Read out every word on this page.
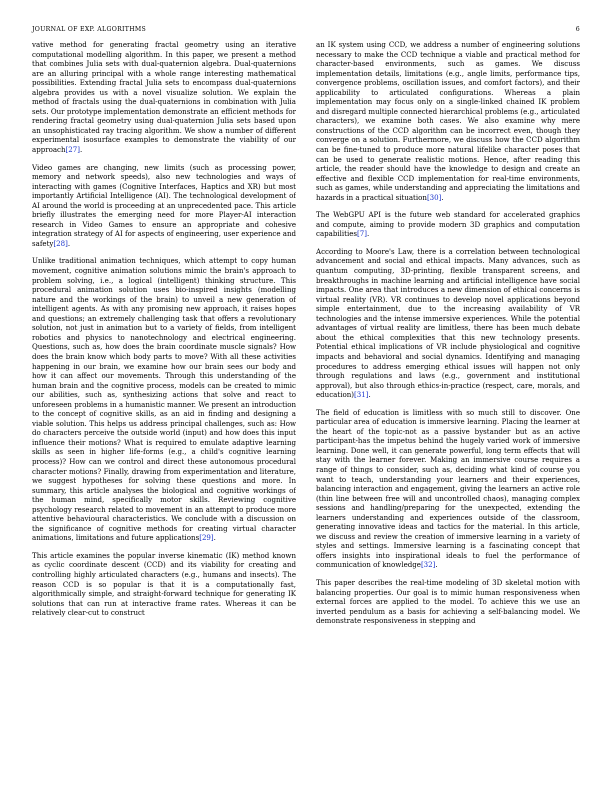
JOURNAL OF EXP. ALGORITHMS	6

vative method for generating fractal geometry using an iterative computational modelling algorithm. In this paper, we present a method that combines Julia sets with dual-quaternion algebra. Dual-quaternions are an alluring principal with a whole range interesting mathematical possibilities. Extending fractal Julia sets to encompass dual-quaternions algebra provides us with a novel visualize solution. We explain the method of fractals using the dual-quaternions in combination with Julia sets. Our prototype implementation demonstrate an efficient methods for rendering fractal geometry using dual-quaternion Julia sets based upon an unsophisticated ray tracing algorithm. We show a number of different experimental isosurface examples to demonstrate the viability of our approach[27].

Video games are changing, new limits (such as processing power, memory and network speeds), also new technologies and ways of interacting with games (Cognitive Interfaces, Haptics and XR) but most importantly Artificial Intelligence (AI). The technological development of AI around the world is proceeding at an unprecedented pace. This article briefly illustrates the emerging need for more Player-AI interaction research in Video Games to ensure an appropriate and cohesive integration strategy of AI for aspects of engineering, user experience and safety[28].

Unlike traditional animation techniques, which attempt to copy human movement, cognitive animation solutions mimic the brain's approach to problem solving, i.e., a logical (intelligent) thinking structure. This procedural animation solution uses bio-inspired insights (modelling nature and the workings of the brain) to unveil a new generation of intelligent agents. As with any promising new approach, it raises hopes and questions; an extremely challenging task that offers a revolutionary solution, not just in animation but to a variety of fields, from intelligent robotics and physics to nanotechnology and electrical engineering. Questions, such as, how does the brain coordinate muscle signals? How does the brain know which body parts to move? With all these activities happening in our brain, we examine how our brain sees our body and how it can affect our movements. Through this understanding of the human brain and the cognitive process, models can be created to mimic our abilities, such as, synthesizing actions that solve and react to unforeseen problems in a humanistic manner. We present an introduction to the concept of cognitive skills, as an aid in finding and designing a viable solution. This helps us address principal challenges, such as: How do characters perceive the outside world (input) and how does this input influence their motions? What is required to emulate adaptive learning skills as seen in higher life-forms (e.g., a child's cognitive learning process)? How can we control and direct these autonomous procedural character motions? Finally, drawing from experimentation and literature, we suggest hypotheses for solving these questions and more. In summary, this article analyses the biological and cognitive workings of the human mind, specifically motor skills. Reviewing cognitive psychology research related to movement in an attempt to produce more attentive behavioural characteristics. We conclude with a discussion on the significance of cognitive methods for creating virtual character animations, limitations and future applications[29].

This article examines the popular inverse kinematic (IK) method known as cyclic coordinate descent (CCD) and its viability for creating and controlling highly articulated characters (e.g., humans and insects). The reason CCD is so popular is that it is a computationally fast, algorithmically simple, and straight-forward technique for generating IK solutions that can run at interactive frame rates. Whereas it can be relatively clear-cut to construct

an IK system using CCD, we address a number of engineering solutions necessary to make the CCD technique a viable and practical method for character-based environments, such as games. We discuss implementation details, limitations (e.g., angle limits, performance tips, convergence problems, oscillation issues, and comfort factors), and their applicability to articulated configurations. Whereas a plain implementation may focus only on a single-linked chained IK problem and disregard multiple connected hierarchical problems (e.g., articulated characters), we examine both cases. We also examine why mere constructions of the CCD algorithm can be incorrect even, though they converge on a solution. Furthermore, we discuss how the CCD algorithm can be fine-tuned to produce more natural lifelike character poses that can be used to generate realistic motions. Hence, after reading this article, the reader should have the knowledge to design and create an effective and flexible CCD implementation for real-time environments, such as games, while understanding and appreciating the limitations and hazards in a practical situation[30].

The WebGPU API is the future web standard for accelerated graphics and compute, aiming to provide modern 3D graphics and computation capabilities[7].

According to Moore's Law, there is a correlation between technological advancement and social and ethical impacts. Many advances, such as quantum computing, 3D-printing, flexible transparent screens, and breakthroughs in machine learning and artificial intelligence have social impacts. One area that introduces a new dimension of ethical concerns is virtual reality (VR). VR continues to develop novel applications beyond simple entertainment, due to the increasing availability of VR technologies and the intense immersive experiences. While the potential advantages of virtual reality are limitless, there has been much debate about the ethical complexities that this new technology presents. Potential ethical implications of VR include physiological and cognitive impacts and behavioral and social dynamics. Identifying and managing procedures to address emerging ethical issues will happen not only through regulations and laws (e.g., government and institutional approval), but also through ethics-in-practice (respect, care, morals, and education)[31].

The field of education is limitless with so much still to discover. One particular area of education is immersive learning. Placing the learner at the heart of the topic-not as a passive bystander but as an active participant-has the impetus behind the hugely varied work of immersive learning. Done well, it can generate powerful, long term effects that will stay with the learner forever. Making an immersive course requires a range of things to consider, such as, deciding what kind of course you want to teach, understanding your learners and their experiences, balancing interaction and engagement, giving the learners an active role (thin line between free will and uncontrolled chaos), managing complex sessions and handling/preparing for the unexpected, extending the learners understanding and experiences outside of the classroom, generating innovative ideas and tactics for the material. In this article, we discuss and review the creation of immersive learning in a variety of styles and settings. Immersive learning is a fascinating concept that offers insights into inspirational ideals to fuel the performance of communication of knowledge[32].

This paper describes the real-time modeling of 3D skeletal motion with balancing properties. Our goal is to mimic human responsiveness when external forces are applied to the model. To achieve this we use an inverted pendulum as a basis for achieving a self-balancing model. We demonstrate responsiveness in stepping and
